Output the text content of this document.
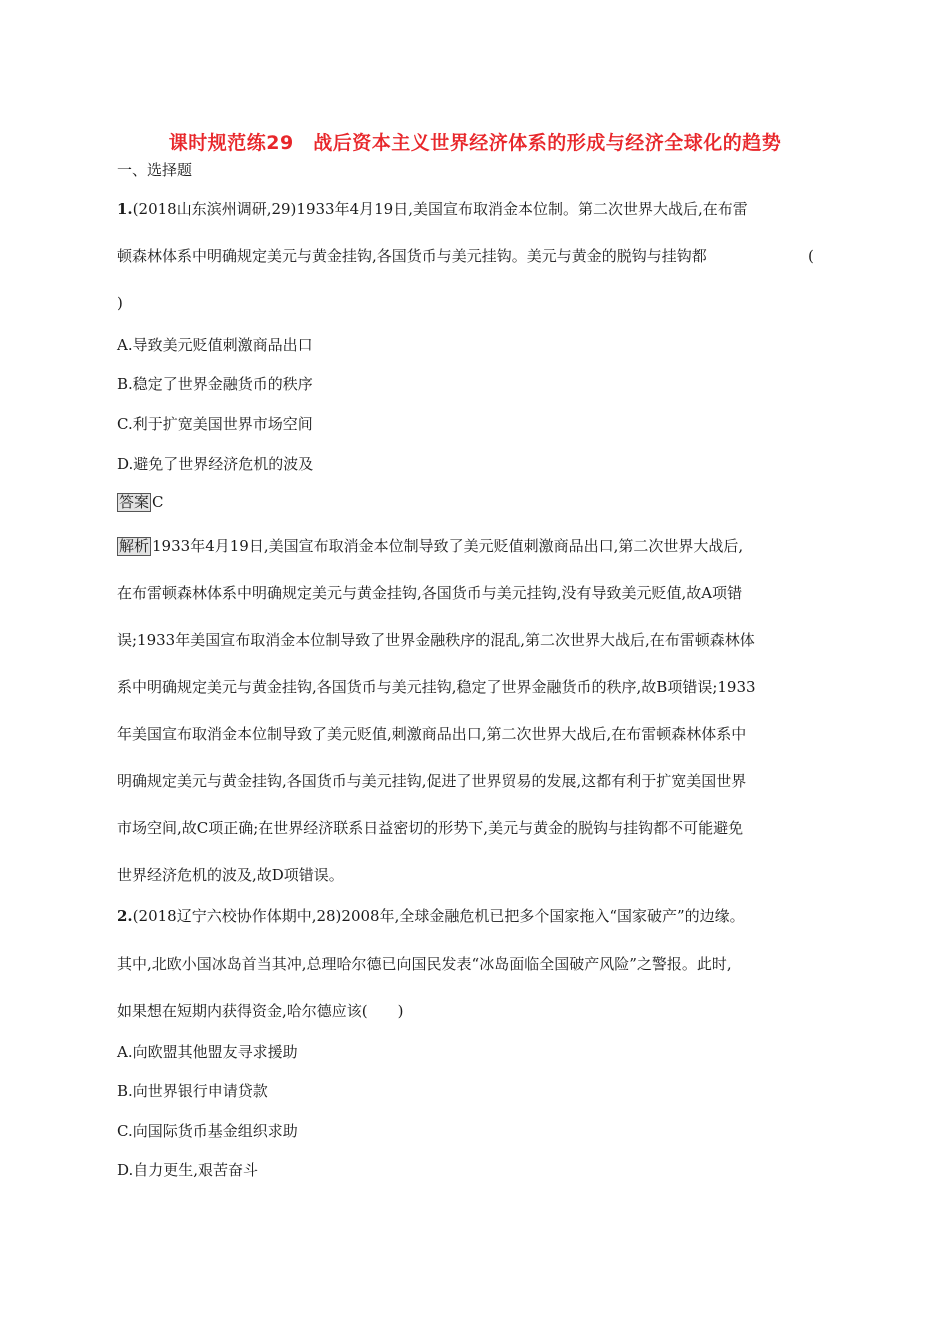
课时规范练29　战后资本主义世界经济体系的形成与经济全球化的趋势
一、选择题
1.(2018山东滨州调研,29)1933年4月19日,美国宣布取消金本位制。第二次世界大战后,在布雷
顿森林体系中明确规定美元与黄金挂钩,各国货币与美元挂钩。美元与黄金的脱钩与挂钩都	(
)
A.导致美元贬值刺激商品出口
B.稳定了世界金融货币的秩序
C.利于扩宽美国世界市场空间
D.避免了世界经济危机的波及
答案 C
解析 1933年4月19日,美国宣布取消金本位制导致了美元贬值刺激商品出口,第二次世界大战后,
在布雷顿森林体系中明确规定美元与黄金挂钩,各国货币与美元挂钩,没有导致美元贬值,故A项错
误;1933年美国宣布取消金本位制导致了世界金融秩序的混乱,第二次世界大战后,在布雷顿森林体
系中明确规定美元与黄金挂钩,各国货币与美元挂钩,稳定了世界金融货币的秩序,故B项错误;1933
年美国宣布取消金本位制导致了美元贬值,刺激商品出口,第二次世界大战后,在布雷顿森林体系中
明确规定美元与黄金挂钩,各国货币与美元挂钩,促进了世界贸易的发展,这都有利于扩宽美国世界
市场空间,故C项正确;在世界经济联系日益密切的形势下,美元与黄金的脱钩与挂钩都不可能避免
世界经济危机的波及,故D项错误。
2.(2018辽宁六校协作体期中,28)2008年,全球金融危机已把多个国家拖入“国家破产”的边缘。
其中,北欧小国冰岛首当其冲,总理哈尔德已向国民发表“冰岛面临全国破产风险”之警报。此时,
如果想在短期内获得资金,哈尔德应该(　　)
A.向欧盟其他盟友寻求援助
B.向世界银行申请贷款
C.向国际货币基金组织求助
D.自力更生,艰苦奋斗
